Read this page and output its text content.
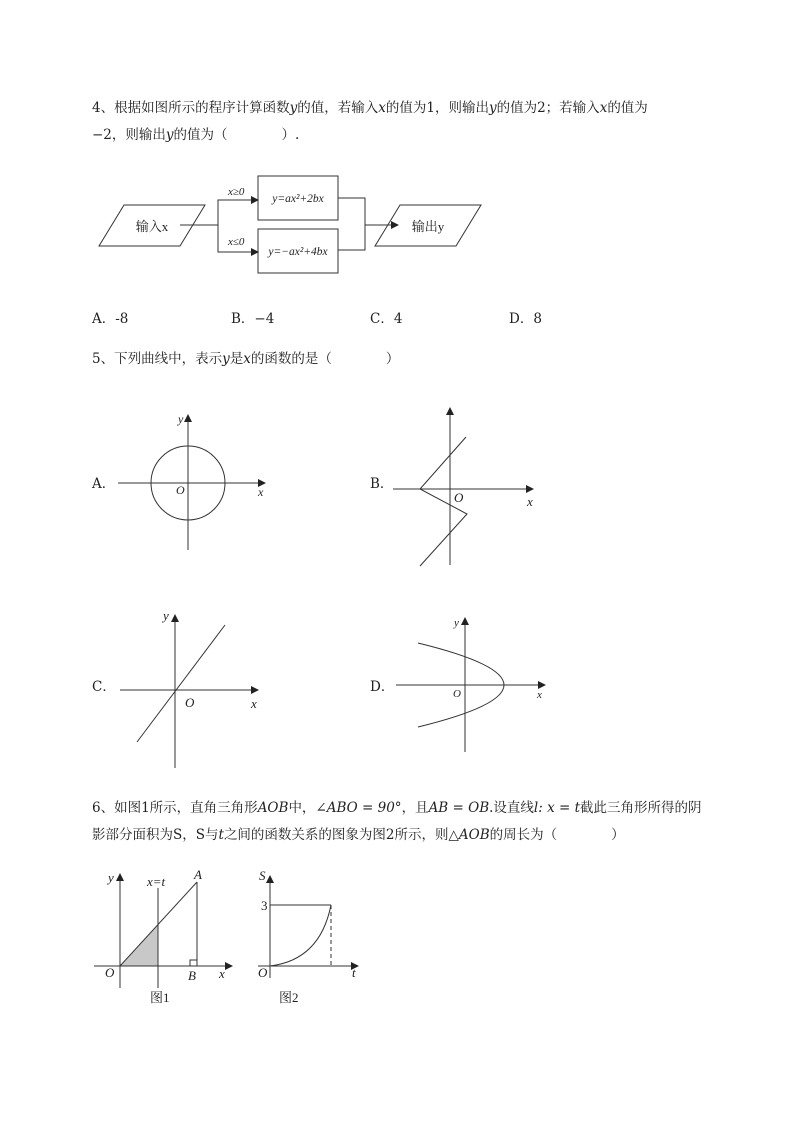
4、根据如图所示的程序计算函数y的值，若输入x的值为1，则输出y的值为2；若输入x的值为
−2，则输出y的值为（　　　　）.
输入x	输出y
x≥0
x≤0
y=ax²+2bx
y=−ax²+4bx
y
x
O
x
O
y
x
O
y
x
O
y
x
O
A
B
x=t
图1
S
t
O
3
图2
A．-8	B．−4	C．4	D．8
5、下列曲线中，表示y是x的函数的是（　　　　）
A．	B．
C．	D．
6、如图1所示，直角三角形AOB中，∠ABO = 90°，且AB = OB.设直线l: x = t截此三角形所得的阴
影部分面积为S，S与t之间的函数关系的图象为图2所示，则△AOB的周长为（　　　　）
